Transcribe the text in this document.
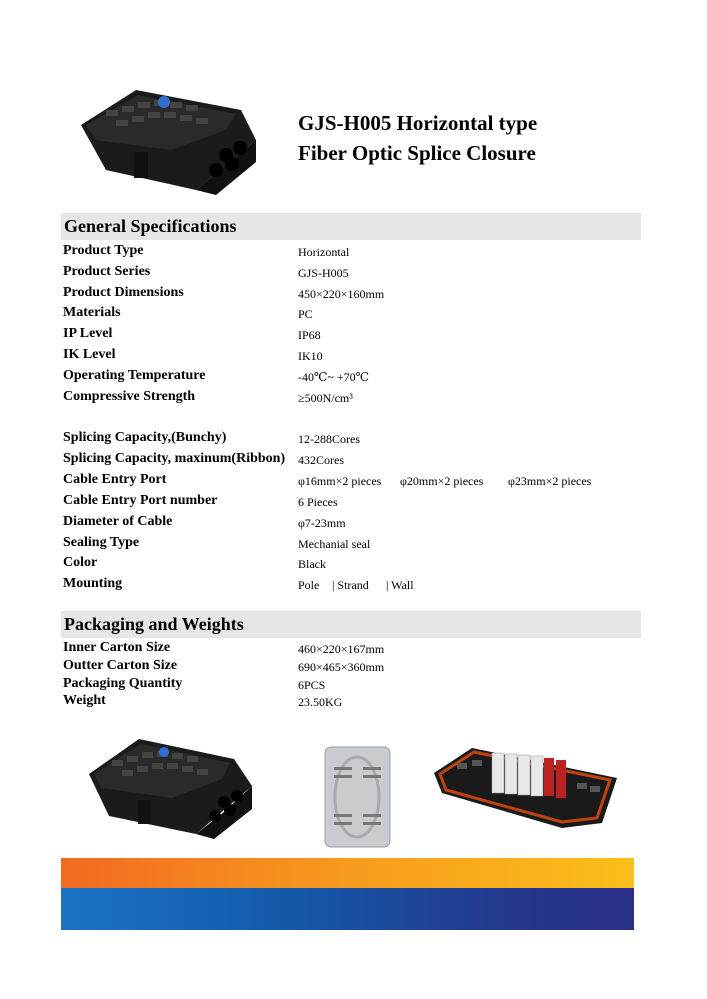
GJS-H005 Horizontal type
Fiber Optic Splice Closure
General Specifications
Product Type	Horizontal
Product Series	GJS-H005
Product Dimensions	450×220×160mm
Materials	PC
IP Level	IP68
IK Level	IK10
Operating Temperature	-40℃~ +70℃
Compressive Strength	≥500N/cm³
Splicing Capacity,(Bunchy)	12-288Cores
Splicing Capacity, maxinum(Ribbon) 432Cores
Cable Entry Port	φ16mm×2 pieces φ20mm×2 pieces φ23mm×2 pieces
Cable Entry Port number	6 Pieces
Diameter of Cable	φ7-23mm
Sealing Type	Mechanial seal
Color	Black
Mounting	Pole | Strand | Wall
Packaging and Weights
Inner Carton Size	460×220×167mm
Outter Carton Size	690×465×360mm
Packaging Quantity	6PCS
Weight	23.50KG
